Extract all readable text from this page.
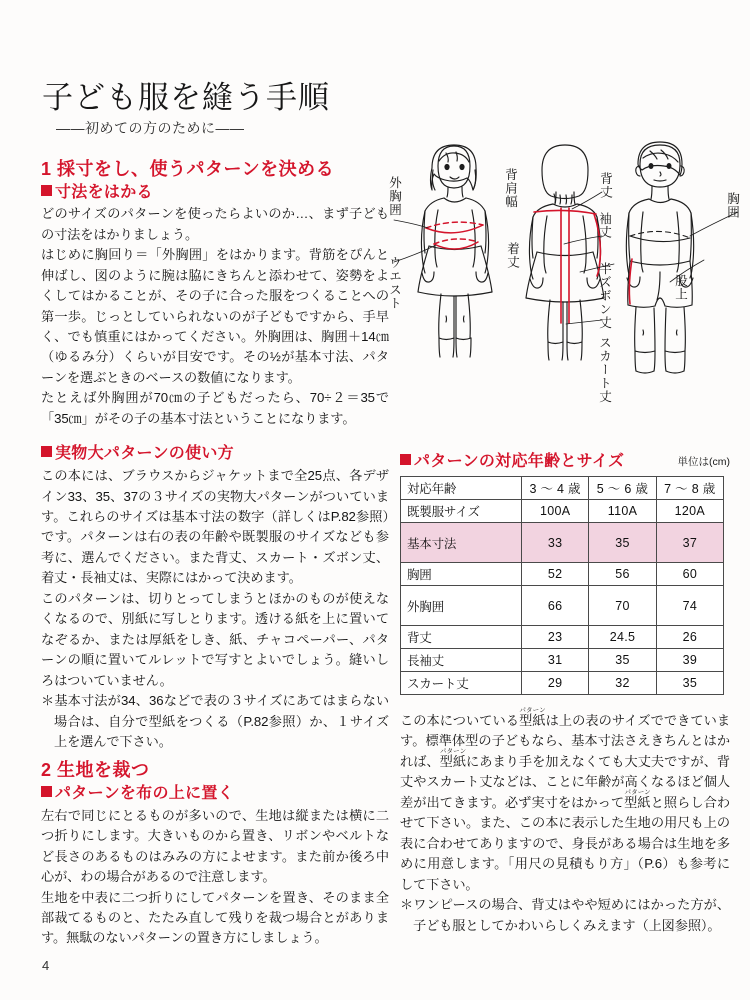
子ども服を縫う手順
——初めての方のために——
1 採寸をし、使うパターンを決める
寸法をはかる

どのサイズのパターンを使ったらよいのか…、まず子どもの寸法をはかりましょう。

はじめに胸回り＝「外胸囲」をはかります。背筋をぴんと伸ばし、図のように腕は脇にきちんと添わせて、姿勢をよくしてはかることが、その子に合った服をつくることへの第一歩。じっとしていられないのが子どもですから、手早く、でも慎重にはかってください。外胸囲は、胸囲＋14㎝（ゆるみ分）くらいが目安です。その½が基本寸法、パターンを選ぶときのベースの数値になります。

たとえば外胸囲が70㎝の子どもだったら、70÷２＝35で「35㎝」がその子の基本寸法ということになります。

実物大パターンの使い方

この本には、ブラウスからジャケットまで全25点、各デザイン33、35、37の３サイズの実物大パターンがついています。これらのサイズは基本寸法の数字（詳しくはP.82参照）です。パターンは右の表の年齢や既製服のサイズなども参考に、選んでください。また背丈、スカート・ズボン丈、着丈・長袖丈は、実際にはかって決めます。

このパターンは、切りとってしまうとほかのものが使えなくなるので、別紙に写しとります。透ける紙を上に置いてなぞるか、または厚紙をしき、紙、チャコペーパー、パターンの順に置いてルレットで写すとよいでしょう。縫いしろはついていません。

＊基本寸法が34、36などで表の３サイズにあてはまらない場合は、自分で型紙をつくる（P.82参照）か、１サイズ上を選んで下さい。

2 生地を裁つ
パターンを布の上に置く

左右で同じにとるものが多いので、生地は縦または横に二つ折りにします。大きいものから置き、リボンやベルトなど長さのあるものはみみの方によせます。また前か後ろ中心が、わの場合があるので注意します。

生地を中表に二つ折りにしてパターンを置き、そのまま全部裁てるものと、たたみ直して残りを裁つ場合とがあります。無駄のないパターンの置き方にしましょう。

外胸囲
ウエスト
背肩幅
着丈
背丈
袖丈
半ズボン丈
スカート丈
胸囲
股上
パターンの対応年齢とサイズ	単位は(cm)
対応年齢	3 ～ 4 歳	5 ～ 6 歳	7 ～ 8 歳
既製服サイズ	100A	110A	120A
基本寸法	33	35	37
胸囲	52	56	60
外胸囲	66	70	74
背丈	23	24.5	26
長袖丈	31	35	39
スカート丈	29	32	35

この本についている型紙パターンは上の表のサイズでできています。標準体型の子どもなら、基本寸法さえきちんとはかれば、型紙パターンにあまり手を加えなくても大丈夫ですが、背丈やスカート丈などは、ことに年齢が高くなるほど個人差が出てきます。必ず実寸をはかって型紙パターンと照らし合わせて下さい。また、この本に表示した生地の用尺も上の表に合わせてありますので、身長がある場合は生地を多めに用意します。「用尺の見積もり方」（P.6）も参考にして下さい。

＊ワンピースの場合、背丈はやや短めにはかった方が、子ども服としてかわいらしくみえます（上図参照）。

4
